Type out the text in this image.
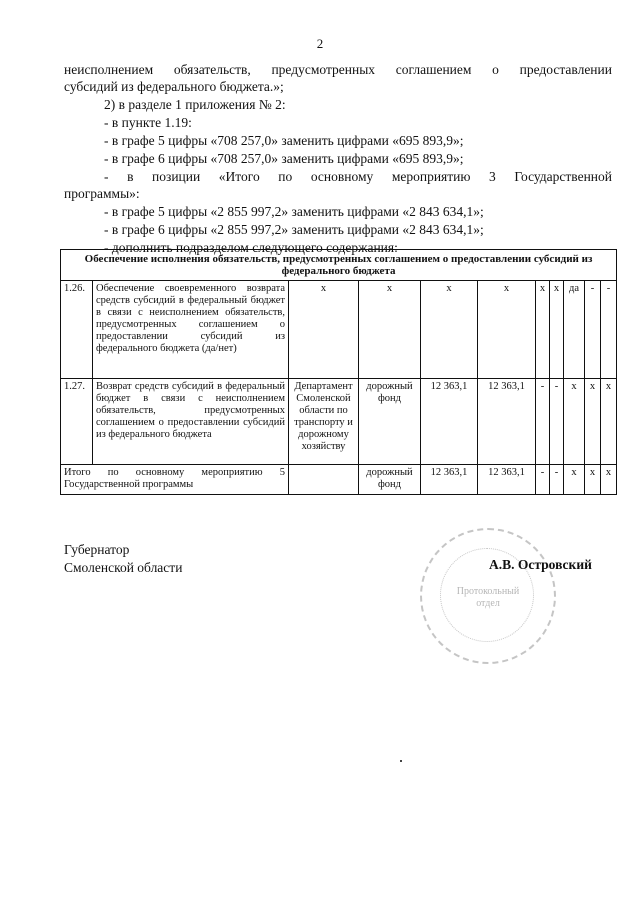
2
неисполнением обязательств, предусмотренных соглашением о предоставлении
субсидий из федерального бюджета.»;
2) в разделе 1 приложения № 2:
- в пункте 1.19:
- в графе 5 цифры «708 257,0» заменить цифрами «695 893,9»;
- в графе 6 цифры «708 257,0» заменить цифрами «695 893,9»;
- в позиции «Итого по основному мероприятию 3 Государственной
программы»:
- в графе 5 цифры «2 855 997,2» заменить цифрами «2 843 634,1»;
- в графе 6 цифры «2 855 997,2» заменить цифрами «2 843 634,1»;
- дополнить подразделом следующего содержания:
Обеспечение исполнения обязательств, предусмотренных соглашением о предоставлении субсидий из федерального бюджета										
1.26.	Обеспечение своевременного возврата средств субсидий в федеральный бюджет в связи с неисполнением обязательств, предусмотренных соглашением о предоставлении субсидий из федерального бюджета (да/нет)	х	х	х	х	х	х	да	-	-
1.27.	Возврат средств субсидий в федеральный бюджет в связи с неисполнением обязательств, предусмотренных соглашением о предоставлении субсидий из федерального бюджета	Департамент Смоленской области по транспорту и дорожному хозяйству	дорожный фонд	12 363,1	12 363,1	-	-	х	х	х
Итого по основному мероприятию 5 Государственной программы			дорожный фонд	12 363,1	12 363,1	-	-	х	х	х
Губернатор
Смоленской области
Протокольный
отдел
А.В. Островский
